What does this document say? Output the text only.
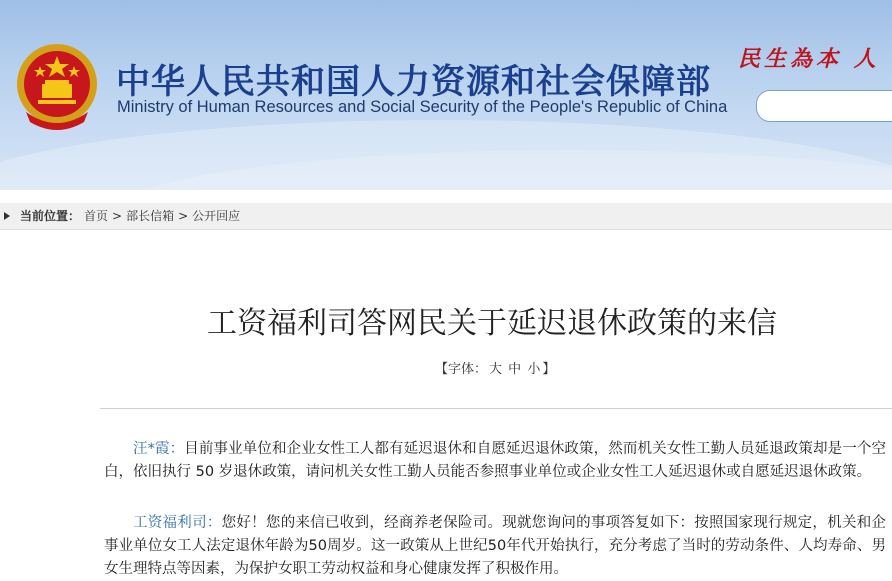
中华人民共和国人力资源和社会保障部
Ministry of Human Resources and Social Security of the People's Republic of China
民生為本 人
当前位置： 首页 > 部长信箱 > 公开回应
工资福利司答网民关于延迟退休政策的来信
【字体： 大 中 小 】
汪*霞：目前事业单位和企业女性工人都有延迟退休和自愿延迟退休政策，然而机关女性工勤人员延退政策却是一个空白，依旧执行 50 岁退休政策，请问机关女性工勤人员能否参照事业单位或企业女性工人延迟退休或自愿延迟退休政策。
工资福利司：您好！您的来信已收到，经商养老保险司。现就您询问的事项答复如下：按照国家现行规定，机关和企事业单位女工人法定退休年龄为50周岁。这一政策从上世纪50年代开始执行，充分考虑了当时的劳动条件、人均寿命、男女生理特点等因素，为保护女职工劳动权益和身心健康发挥了积极作用。
